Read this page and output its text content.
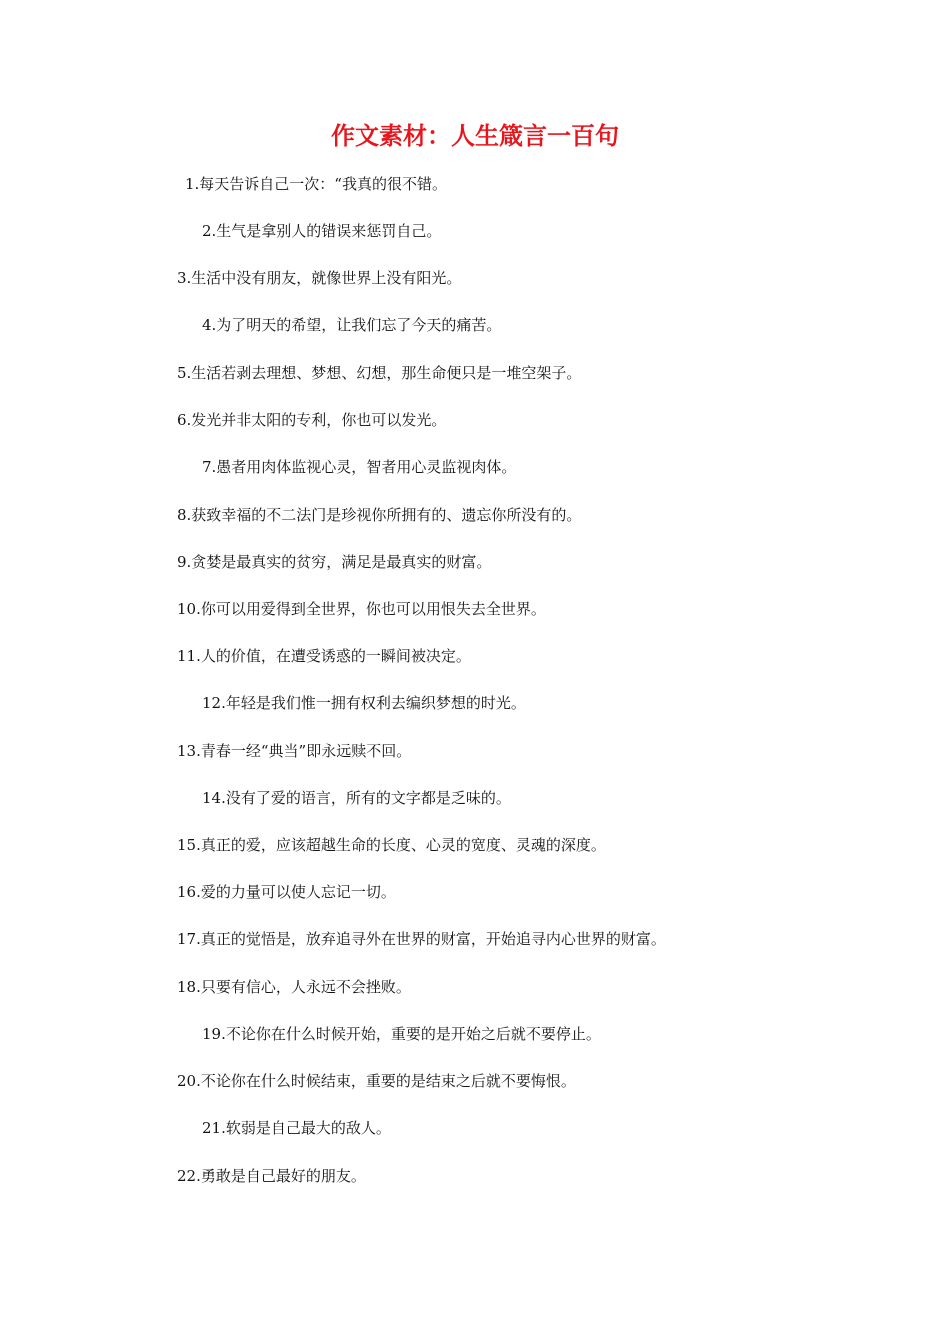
作文素材：人生箴言一百句
1.每天告诉自己一次：“我真的很不错。
2.生气是拿别人的错误来惩罚自己。
3.生活中没有朋友，就像世界上没有阳光。
4.为了明天的希望，让我们忘了今天的痛苦。
5.生活若剥去理想、梦想、幻想，那生命便只是一堆空架子。
6.发光并非太阳的专利，你也可以发光。
7.愚者用肉体监视心灵，智者用心灵监视肉体。
8.获致幸福的不二法门是珍视你所拥有的、遗忘你所没有的。
9.贪婪是最真实的贫穷，满足是最真实的财富。
10.你可以用爱得到全世界，你也可以用恨失去全世界。
11.人的价值，在遭受诱惑的一瞬间被决定。
12.年轻是我们惟一拥有权利去编织梦想的时光。
13.青春一经“典当”即永远赎不回。
14.没有了爱的语言，所有的文字都是乏味的。
15.真正的爱，应该超越生命的长度、心灵的宽度、灵魂的深度。
16.爱的力量可以使人忘记一切。
17.真正的觉悟是，放弃追寻外在世界的财富，开始追寻内心世界的财富。
18.只要有信心，人永远不会挫败。
19.不论你在什么时候开始，重要的是开始之后就不要停止。
20.不论你在什么时候结束，重要的是结束之后就不要悔恨。
21.软弱是自己最大的敌人。
22.勇敢是自己最好的朋友。
